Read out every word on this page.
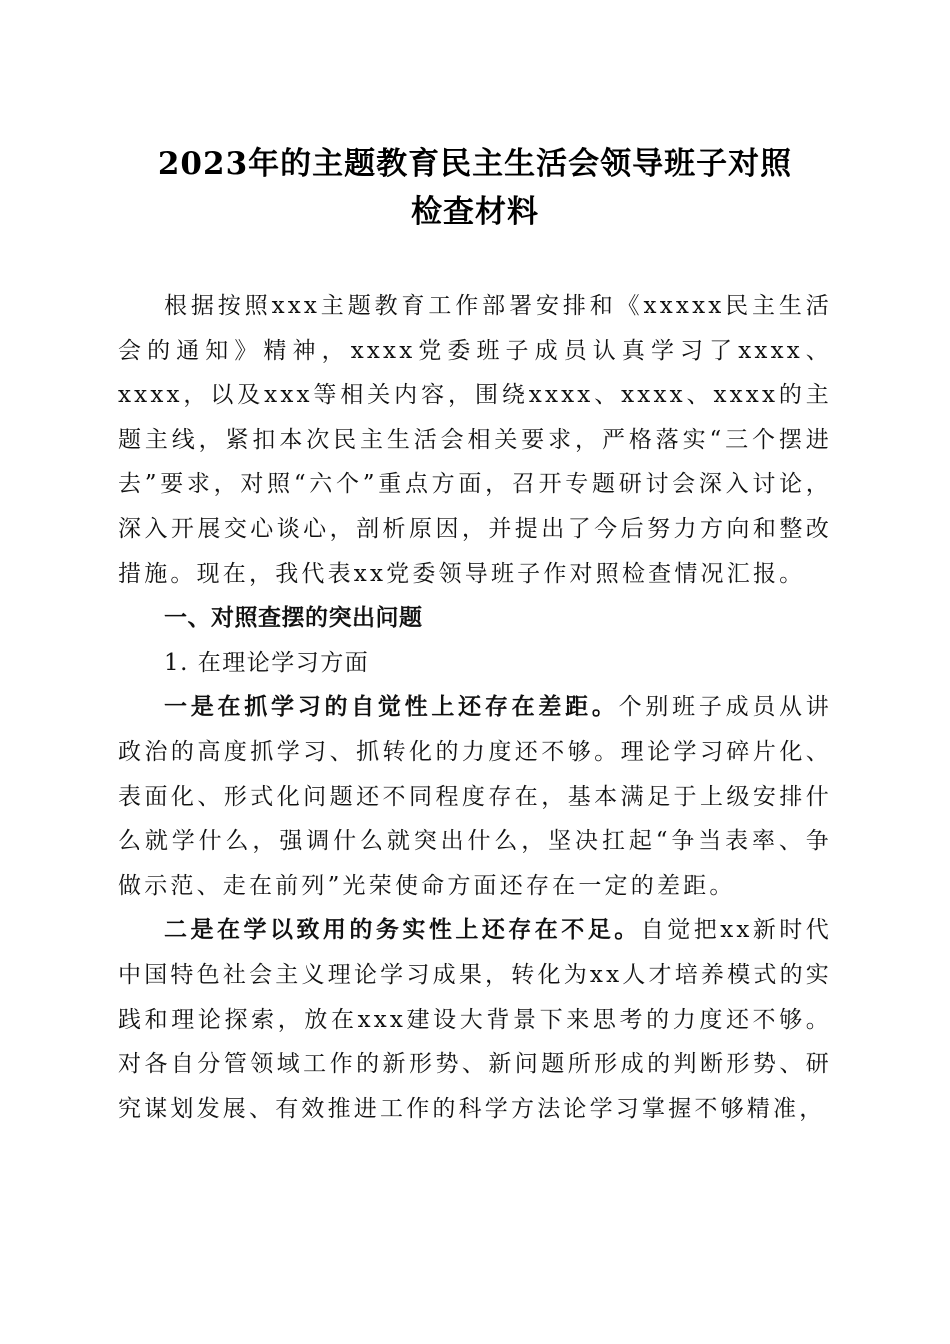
2023年的主题教育民主生活会领导班子对照
检查材料

根据按照xxx主题教育工作部署安排和《xxxxx民主生活会的通知》精神，xxxx党委班子成员认真学习了xxxx、xxxx，以及xxx等相关内容，围绕xxxx、xxxx、xxxx的主题主线，紧扣本次民主生活会相关要求，严格落实“三个摆进去”要求，对照“六个”重点方面，召开专题研讨会深入讨论，深入开展交心谈心，剖析原因，并提出了今后努力方向和整改措施。现在，我代表xx党委领导班子作对照检查情况汇报。

一、对照查摆的突出问题

1. 在理论学习方面

一是在抓学习的自觉性上还存在差距。个别班子成员从讲政治的高度抓学习、抓转化的力度还不够。理论学习碎片化、表面化、形式化问题还不同程度存在，基本满足于上级安排什么就学什么，强调什么就突出什么，坚决扛起“争当表率、争做示范、走在前列”光荣使命方面还存在一定的差距。

二是在学以致用的务实性上还存在不足。自觉把xx新时代中国特色社会主义理论学习成果，转化为xx人才培养模式的实践和理论探索，放在xxx建设大背景下来思考的力度还不够。对各自分管领域工作的新形势、新问题所形成的判断形势、研究谋划发展、有效推进工作的科学方法论学习掌握不够精准，
